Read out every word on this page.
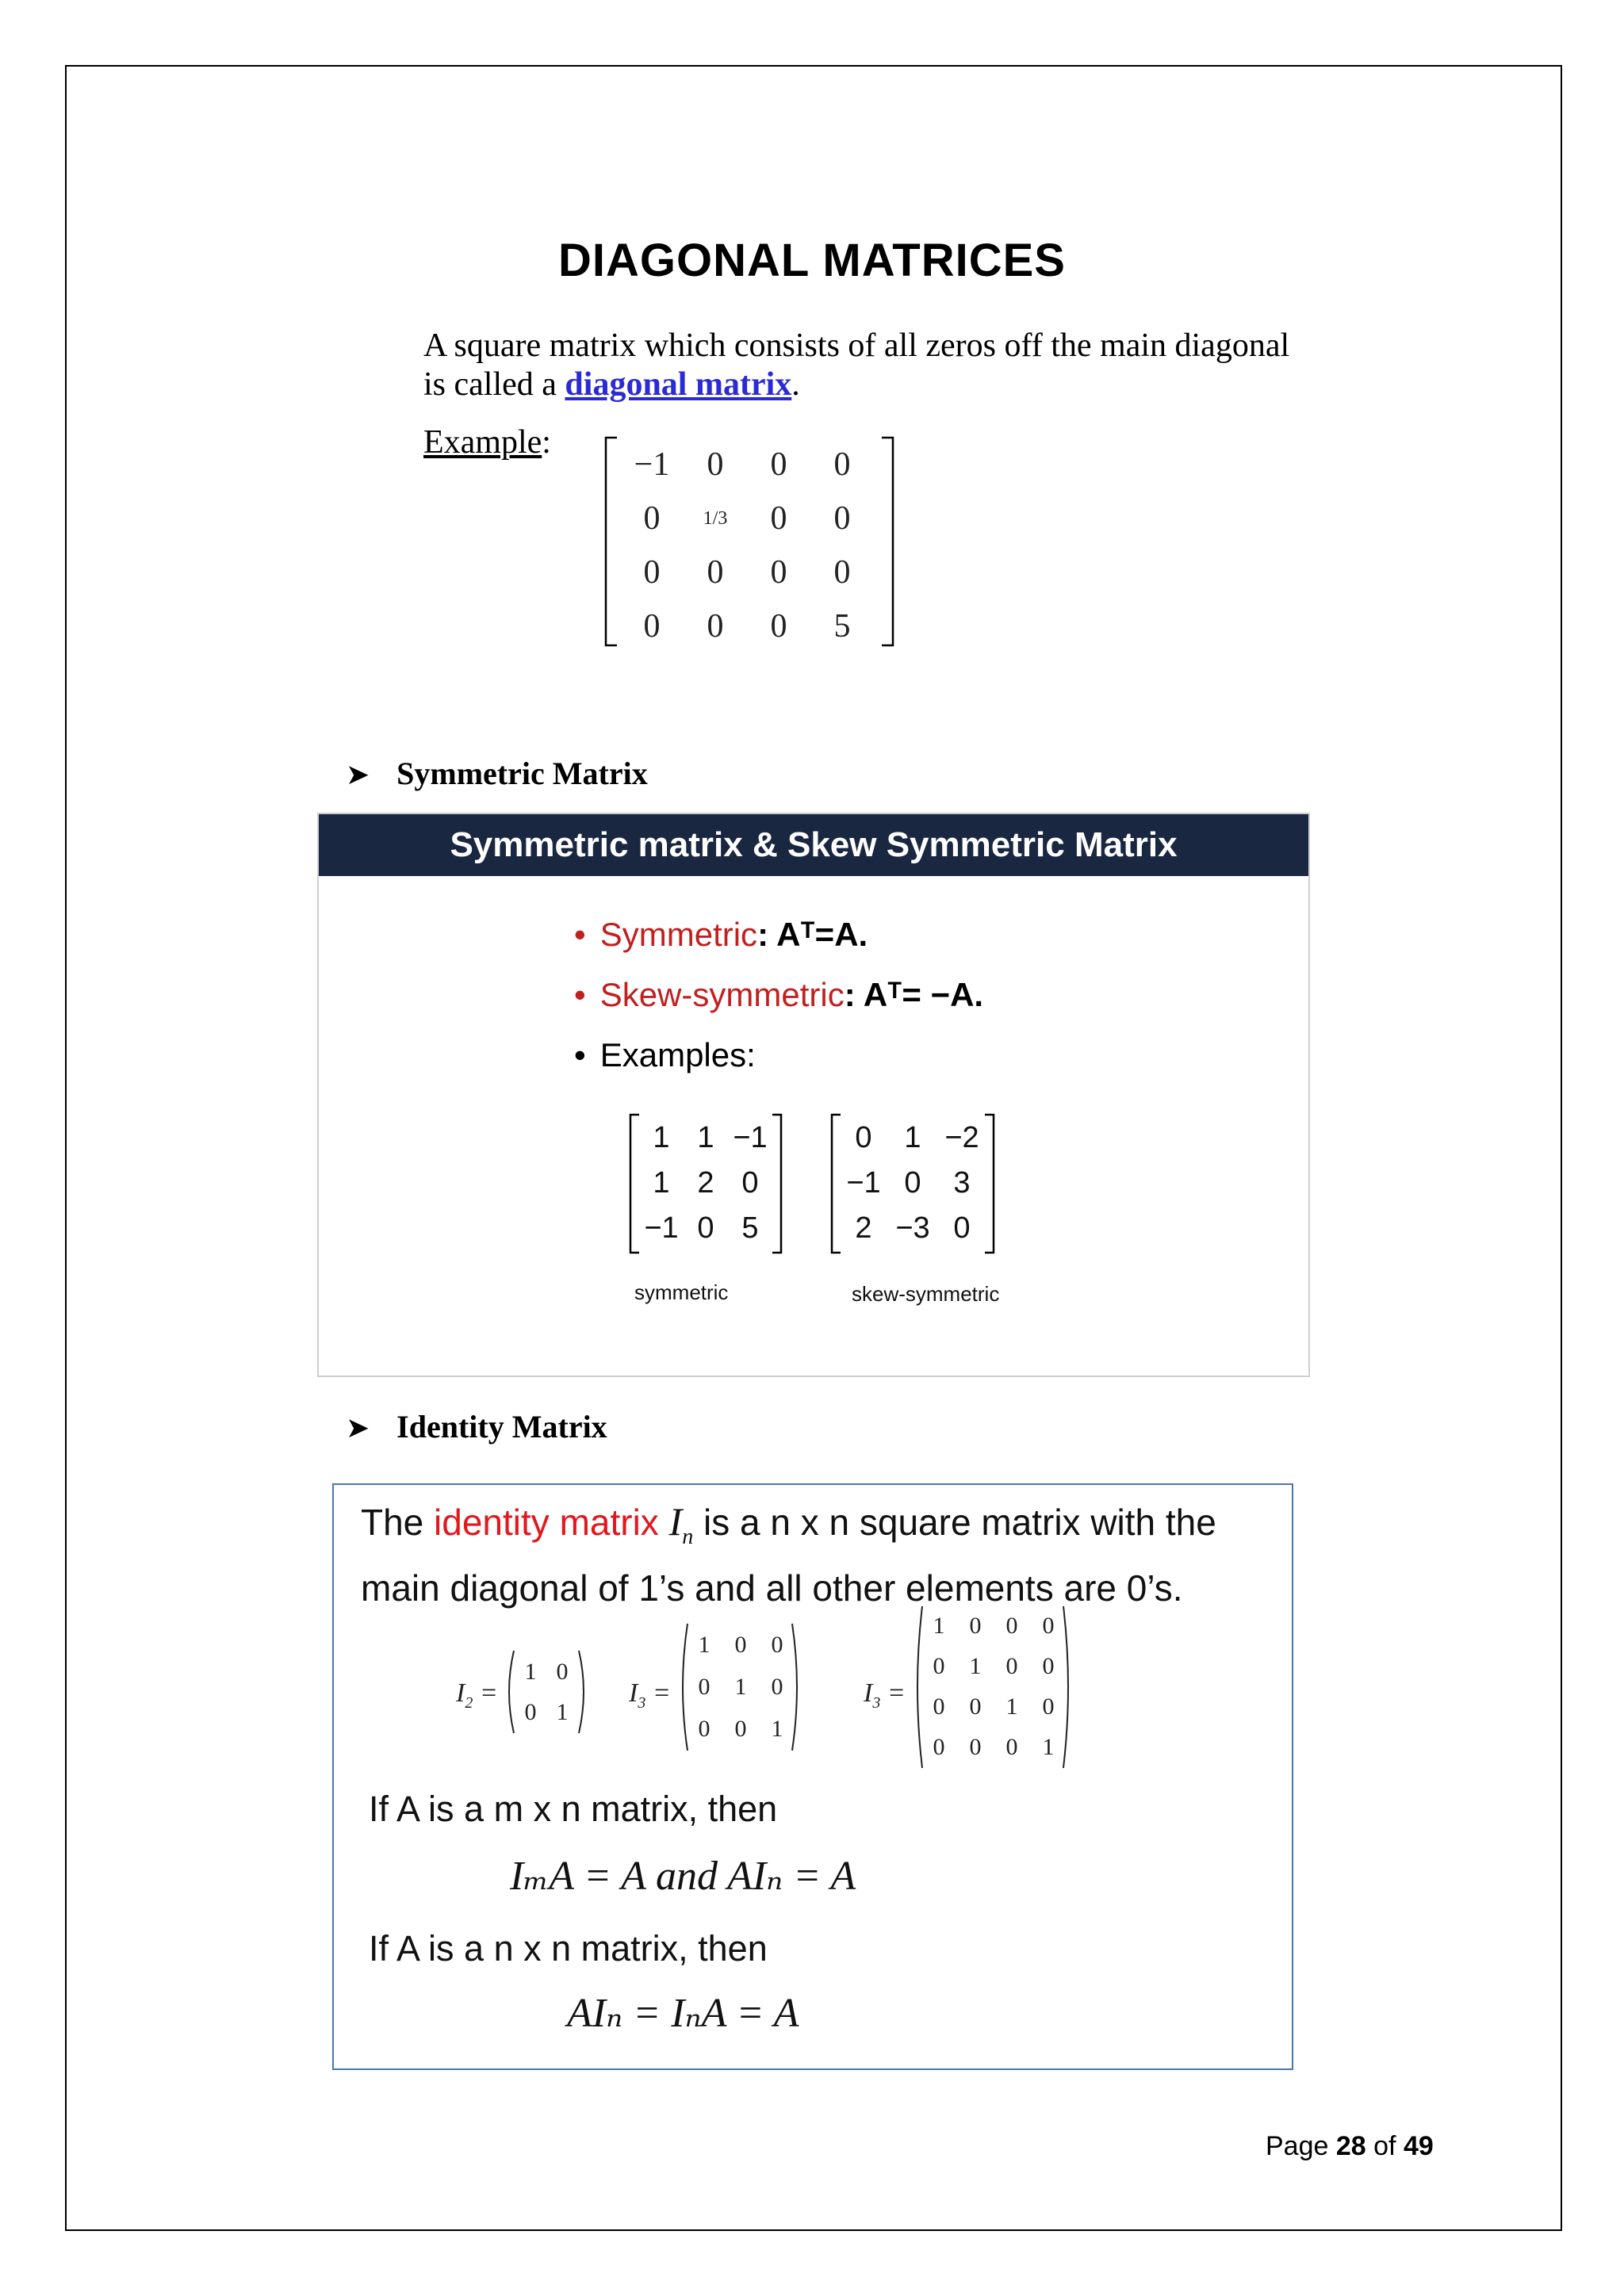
DIAGONAL MATRICES
A square matrix which consists of all zeros off the main diagonal is called a diagonal matrix.
Example:
−1	0	0	0
0	1/3	0	0
0	0	0	0
0	0	0	5
➤ Symmetric Matrix
Symmetric matrix & Skew Symmetric Matrix
• Symmetric: Aᵀ=A.
• Skew-symmetric: Aᵀ= −A.
• Examples:
1 1 −1
1 2 0
−1 0 5
0	1 −2
−1 0	3
2 −3 0
symmetric	skew-symmetric
➤ Identity Matrix
The identity matrix $I_n$ is a n x n square matrix with the main diagonal of 1’s and all other elements are 0’s.
$I_2$ =
1 0
0 1
$I_3$ =
1	0	0
0	1	0
0	0	1
$I_3$ =
1	0	0	0
0	1	0	0
0	0	1	0
0	0	0	1
If A is a m x n matrix, then
IₘA = A and AIₙ = A
If A is a n x n matrix, then
AIₙ = IₙA = A
Page 28 of 49
